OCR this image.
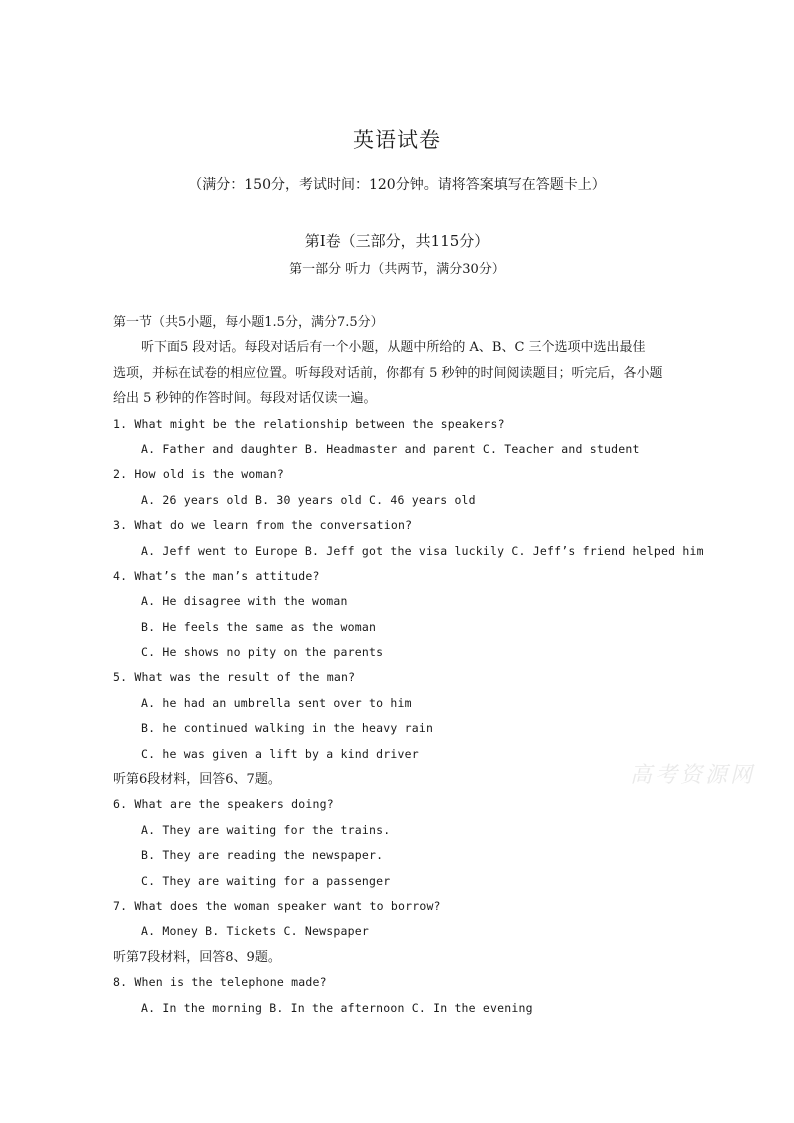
英语试卷
（满分：150分，考试时间：120分钟。请将答案填写在答题卡上）
第Ⅰ卷（三部分，共115分）
第一部分 听力（共两节，满分30分）
第一节（共5小题，每小题1.5分，满分7.5分）
听下面5 段对话。每段对话后有一个小题，从题中所给的 A、B、C 三个选项中选出最佳
选项，并标在试卷的相应位置。听每段对话前，你都有 5 秒钟的时间阅读题目；听完后，各小题
给出 5 秒钟的作答时间。每段对话仅读一遍。
1. What might be the relationship between the speakers?
A. Father and daughter B. Headmaster and parent C. Teacher and student
2. How old is the woman?
A. 26 years old B. 30 years old C. 46 years old
3. What do we learn from the conversation?
A. Jeff went to Europe B. Jeff got the visa luckily C. Jeff’s friend helped him
4. What’s the man’s attitude?
A. He disagree with the woman
B. He feels the same as the woman
C. He shows no pity on the parents
5. What was the result of the man?
A. he had an umbrella sent over to him
B. he continued walking in the heavy rain
C. he was given a lift by a kind driver
听第6段材料，回答6、7题。
6. What are the speakers doing?
A. They are waiting for the trains.
B. They are reading the newspaper.
C. They are waiting for a passenger
7. What does the woman speaker want to borrow?
A. Money B. Tickets C. Newspaper
听第7段材料，回答8、9题。
8. When is the telephone made?
A. In the morning B. In the afternoon C. In the evening
高考资源网
